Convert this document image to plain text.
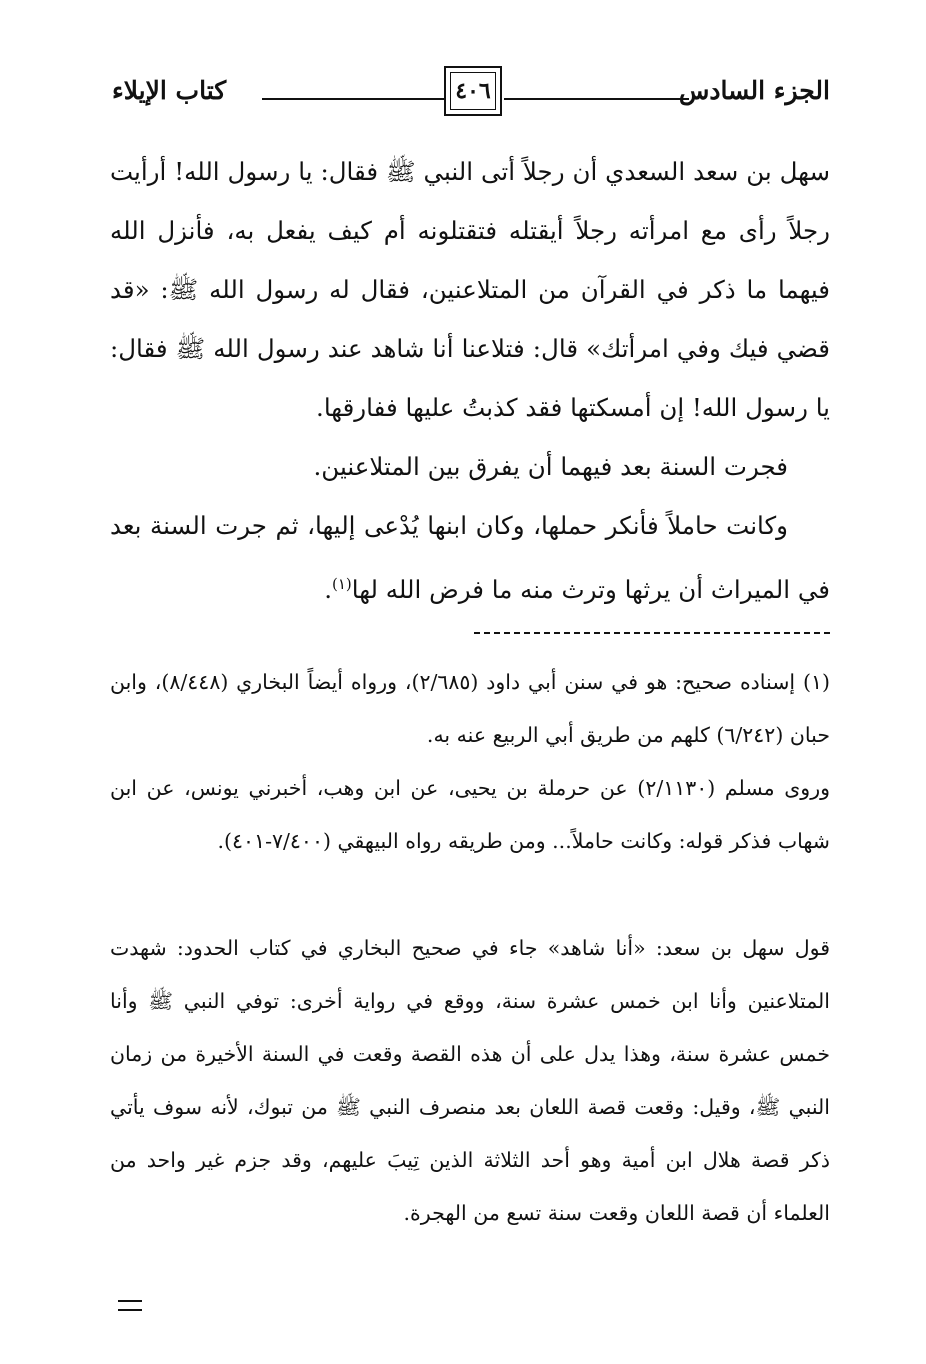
الجزء السادس
٤٠٦
كتاب الإيلاء
سهل بن سعد السعدي أن رجلاً أتى النبي ﷺ فقال: يا رسول الله! أرأيت رجلاً رأى مع امرأته رجلاً أيقتله فتقتلونه أم كيف يفعل به، فأنزل الله فيهما ما ذكر في القرآن من المتلاعنين، فقال له رسول الله ﷺ: «قد قضي فيك وفي امرأتك» قال: فتلاعنا أنا شاهد عند رسول الله ﷺ فقال: يا رسول الله! إن أمسكتها فقد كذبتُ عليها ففارقها.
فجرت السنة بعد فيهما أن يفرق بين المتلاعنين.
وكانت حاملاً فأنكر حملها، وكان ابنها يُدْعى إليها، ثم جرت السنة بعد في الميراث أن يرثها وترث منه ما فرض الله لها$^{(١)}$.
(١) إسناده صحيح: هو في سنن أبي داود (٢/٦٨٥)، ورواه أيضاً البخاري (٨/٤٤٨)، وابن حبان (٦/٢٤٢) كلهم من طريق أبي الربيع عنه به.
وروى مسلم (٢/١١٣٠) عن حرملة بن يحيى، عن ابن وهب، أخبرني يونس، عن ابن شهاب فذكر قوله: وكانت حاملاً... ومن طريقه رواه البيهقي (٧/٤٠٠-٤٠١).
قول سهل بن سعد: «أنا شاهد» جاء في صحيح البخاري في كتاب الحدود: شهدت المتلاعنين وأنا ابن خمس عشرة سنة، ووقع في رواية أخرى: توفي النبي ﷺ وأنا خمس عشرة سنة، وهذا يدل على أن هذه القصة وقعت في السنة الأخيرة من زمان النبي ﷺ، وقيل: وقعت قصة اللعان بعد منصرف النبي ﷺ من تبوك، لأنه سوف يأتي ذكر قصة هلال ابن أمية وهو أحد الثلاثة الذين تِيبَ عليهم، وقد جزم غير واحد من العلماء أن قصة اللعان وقعت سنة تسع من الهجرة.
